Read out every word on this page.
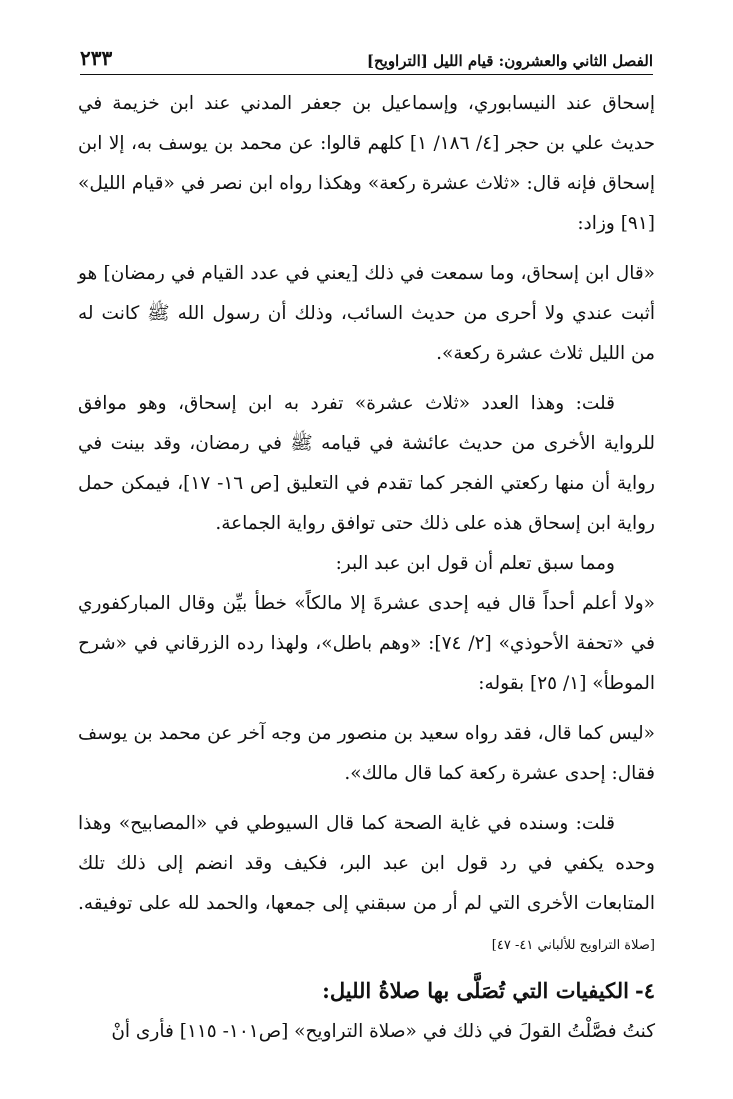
الفصل الثاني والعشرون: قيام الليل [التراويح]
٢٣٣

إسحاق عند النيسابوري، وإسماعيل بن جعفر المدني عند ابن خزيمة في حديث علي بن حجر [٤/ ١٨٦/ ١] كلهم قالوا: عن محمد بن يوسف به، إلا ابن إسحاق فإنه قال: «ثلاث عشرة ركعة» وهكذا رواه ابن نصر في «قيام الليل» [٩١] وزاد:

«قال ابن إسحاق، وما سمعت في ذلك [يعني في عدد القيام في رمضان] هو أثبت عندي ولا أحرى من حديث السائب، وذلك أن رسول الله ﷺ كانت له من الليل ثلاث عشرة ركعة».

قلت: وهذا العدد «ثلاث عشرة» تفرد به ابن إسحاق، وهو موافق للرواية الأخرى من حديث عائشة في قيامه ﷺ في رمضان، وقد بينت في رواية أن منها ركعتي الفجر كما تقدم في التعليق [ص ١٦- ١٧]، فيمكن حمل رواية ابن إسحاق هذه على ذلك حتى توافق رواية الجماعة.

ومما سبق تعلم أن قول ابن عبد البر:

«ولا أعلم أحداً قال فيه إحدى عشرةَ إلا مالكاً» خطأ بيِّن وقال المباركفوري في «تحفة الأحوذي» [٢/ ٧٤]: «وهم باطل»، ولهذا رده الزرقاني في «شرح الموطأ» [١/ ٢٥] بقوله:

«ليس كما قال، فقد رواه سعيد بن منصور من وجه آخر عن محمد بن يوسف فقال: إحدى عشرة ركعة كما قال مالك».

قلت: وسنده في غاية الصحة كما قال السيوطي في «المصابيح» وهذا وحده يكفي في رد قول ابن عبد البر، فكيف وقد انضم إلى ذلك تلك المتابعات الأخرى التي لم أر من سبقني إلى جمعها، والحمد لله على توفيقه. [صلاة التراويح للألباني ٤١- ٤٧]

٤-الكيفيات التي تُصَلَّى بها صلاةُ الليل:

كنتُ فصَّلْتُ القولَ في ذلك في «صلاة التراويح» [ص١٠١- ١١٥] فأرى أنْ
